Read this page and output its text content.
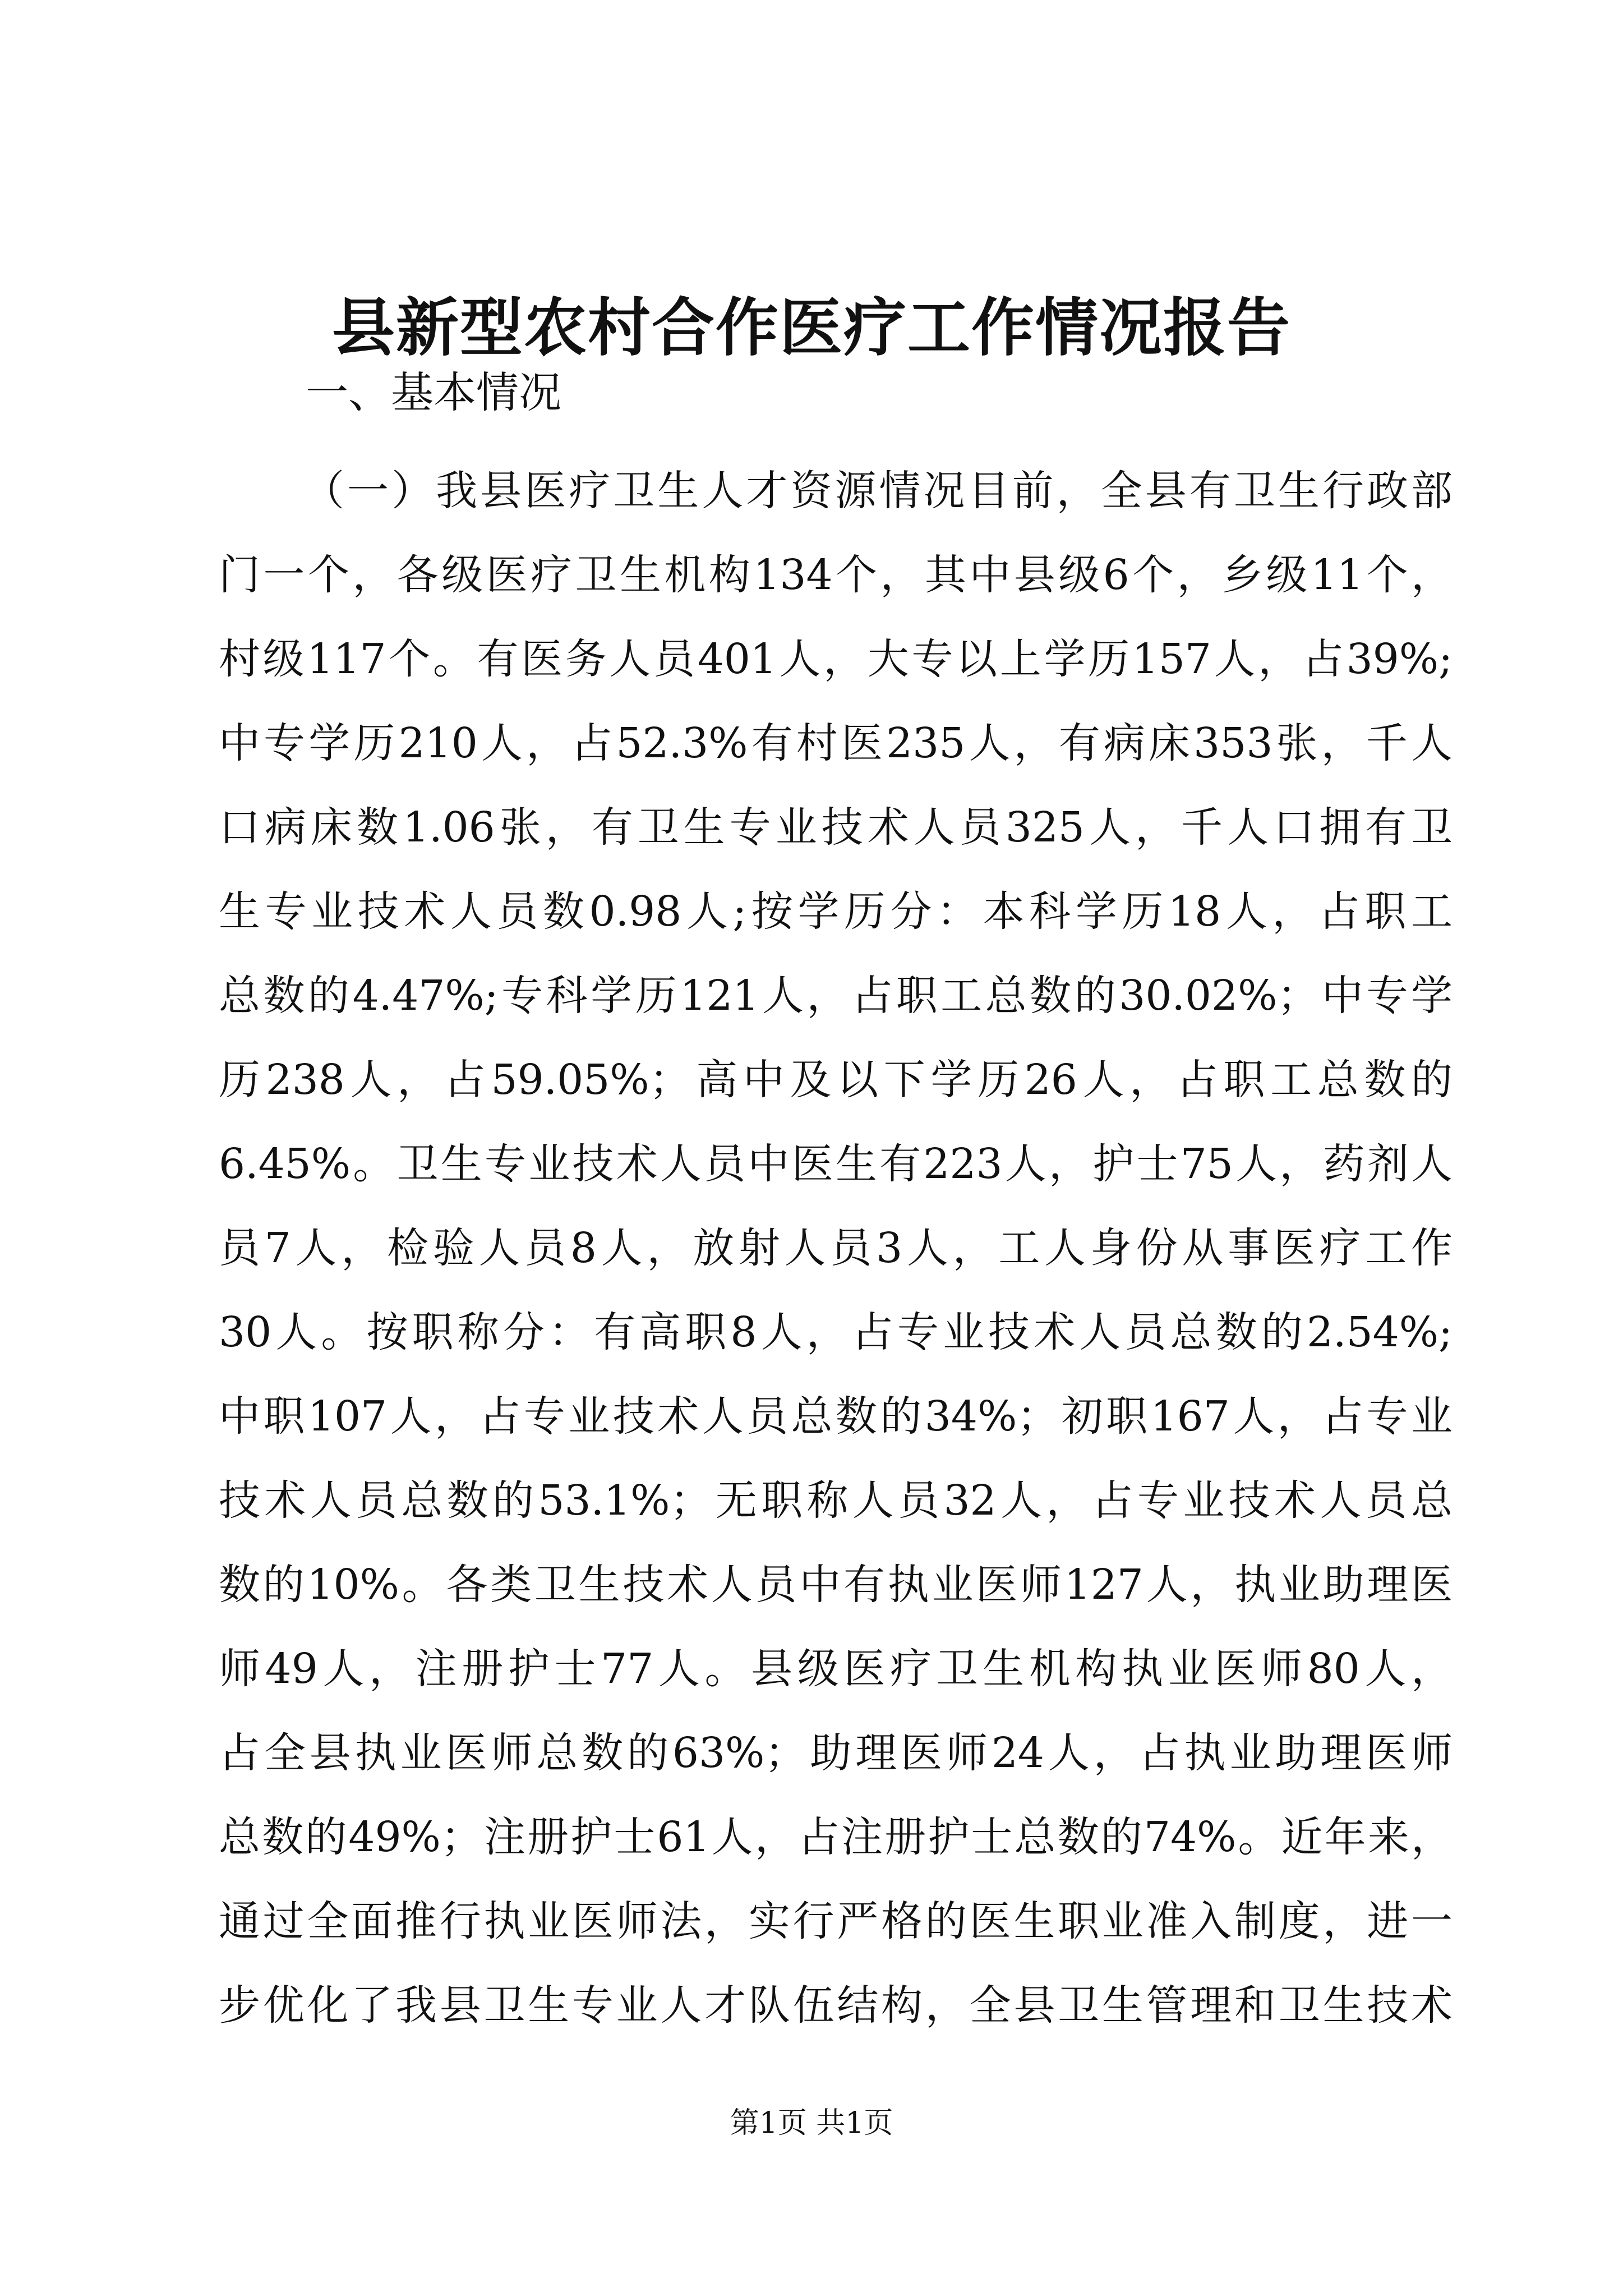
县新型农村合作医疗工作情况报告
一、基本情况
（一）我县医疗卫生人才资源情况目前，全县有卫生行政部
门一个，各级医疗卫生机构134个，其中县级6个，乡级11个，
村级117个。有医务人员401人，大专以上学历157人，占39%;
中专学历210人，占52.3%有村医235人，有病床353张，千人
口病床数1.06张，有卫生专业技术人员325人，千人口拥有卫
生专业技术人员数0.98人;按学历分：本科学历18人，占职工
总数的4.47%;专科学历121人，占职工总数的30.02%；中专学
历238人，占59.05%；高中及以下学历26人，占职工总数的
6.45%。卫生专业技术人员中医生有223人，护士75人，药剂人
员7人，检验人员8人，放射人员3人，工人身份从事医疗工作
30人。按职称分：有高职8人，占专业技术人员总数的2.54%;
中职107人，占专业技术人员总数的34%；初职167人，占专业
技术人员总数的53.1%；无职称人员32人，占专业技术人员总
数的10%。各类卫生技术人员中有执业医师127人，执业助理医
师49人，注册护士77人。县级医疗卫生机构执业医师80人，
占全县执业医师总数的63%；助理医师24人，占执业助理医师
总数的49%；注册护士61人，占注册护士总数的74%。近年来，
通过全面推行执业医师法，实行严格的医生职业准入制度，进一
步优化了我县卫生专业人才队伍结构，全县卫生管理和卫生技术
第1页 共1页
